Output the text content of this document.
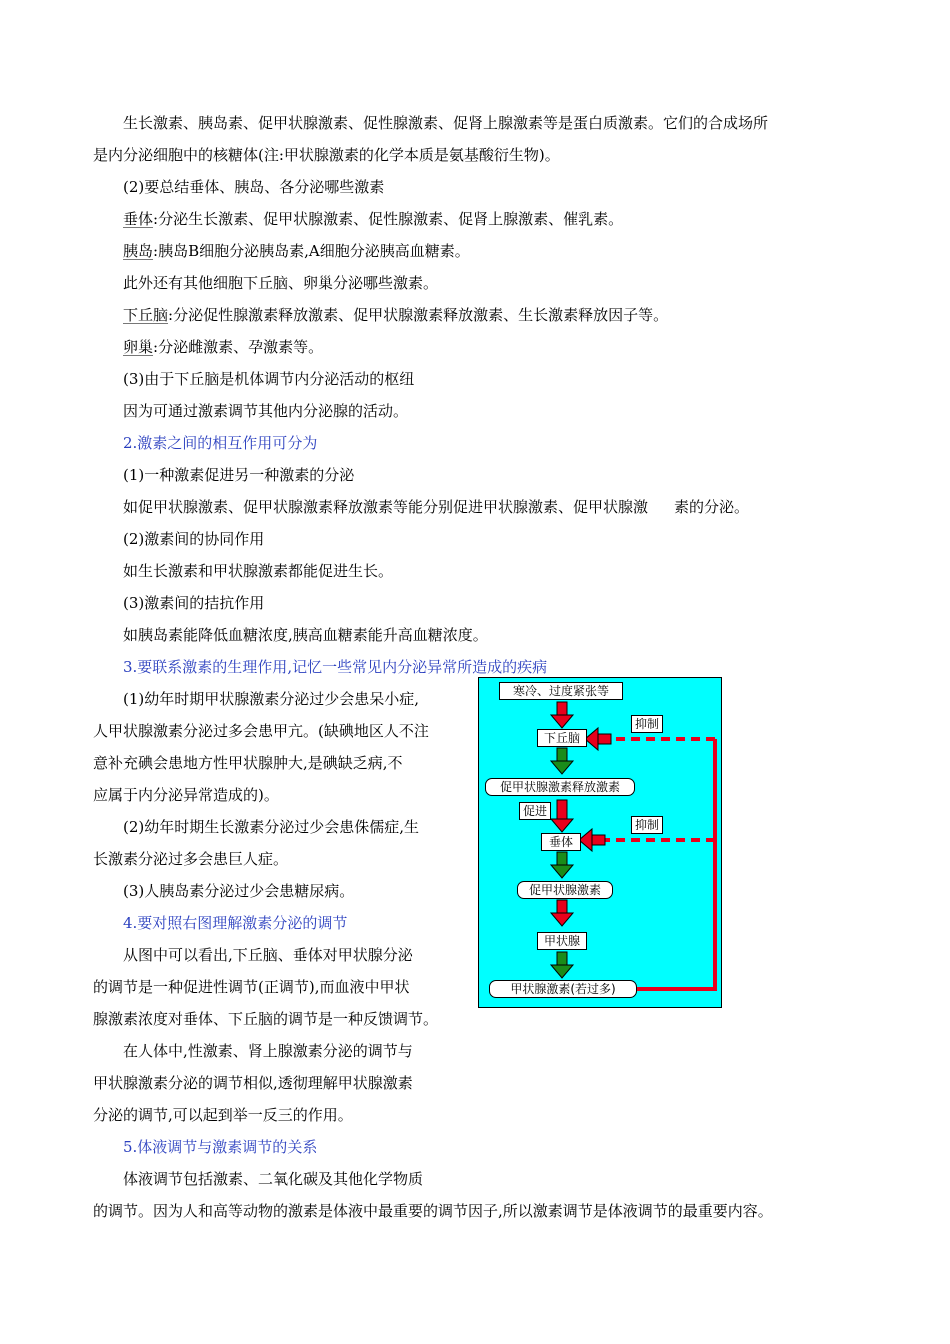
生长激素、胰岛素、促甲状腺激素、促性腺激素、促肾上腺激素等是蛋白质激素。它们的合成场所
是内分泌细胞中的核糖体(注:甲状腺激素的化学本质是氨基酸衍生物)。
(2)要总结垂体、胰岛、各分泌哪些激素
垂体:分泌生长激素、促甲状腺激素、促性腺激素、促肾上腺激素、催乳素。
胰岛:胰岛B细胞分泌胰岛素,A细胞分泌胰高血糖素。
此外还有其他细胞下丘脑、卵巢分泌哪些激素。
下丘脑:分泌促性腺激素释放激素、促甲状腺激素释放激素、生长激素释放因子等。
卵巢:分泌雌激素、孕激素等。
(3)由于下丘脑是机体调节内分泌活动的枢纽
因为可通过激素调节其他内分泌腺的活动。
2.激素之间的相互作用可分为
(1)一种激素促进另一种激素的分泌
如促甲状腺激素、促甲状腺激素释放激素等能分别促进甲状腺激素、促甲状腺激 素的分泌。
(2)激素间的协同作用
如生长激素和甲状腺激素都能促进生长。
(3)激素间的拮抗作用
如胰岛素能降低血糖浓度,胰高血糖素能升高血糖浓度。
3.要联系激素的生理作用,记忆一些常见内分泌异常所造成的疾病
(1)幼年时期甲状腺激素分泌过少会患呆小症,
人甲状腺激素分泌过多会患甲亢。(缺碘地区人不注
意补充碘会患地方性甲状腺肿大,是碘缺乏病,不
应属于内分泌异常造成的)。
(2)幼年时期生长激素分泌过少会患侏儒症,生
长激素分泌过多会患巨人症。
(3)人胰岛素分泌过少会患糖尿病。
4.要对照右图理解激素分泌的调节
从图中可以看出,下丘脑、垂体对甲状腺分泌
的调节是一种促进性调节(正调节),而血液中甲状
腺激素浓度对垂体、下丘脑的调节是一种反馈调节。
在人体中,性激素、肾上腺激素分泌的调节与
甲状腺激素分泌的调节相似,透彻理解甲状腺激素
分泌的调节,可以起到举一反三的作用。
5.体液调节与激素调节的关系
体液调节包括激素、二氧化碳及其他化学物质
的调节。因为人和高等动物的激素是体液中最重要的调节因子,所以激素调节是体液调节的最重要内容。
寒冷、过度紧张等
下丘脑
促甲状腺激素释放激素
垂体
促甲状腺激素
甲状腺
甲状腺激素(若过多)
促进
抑制
抑制
